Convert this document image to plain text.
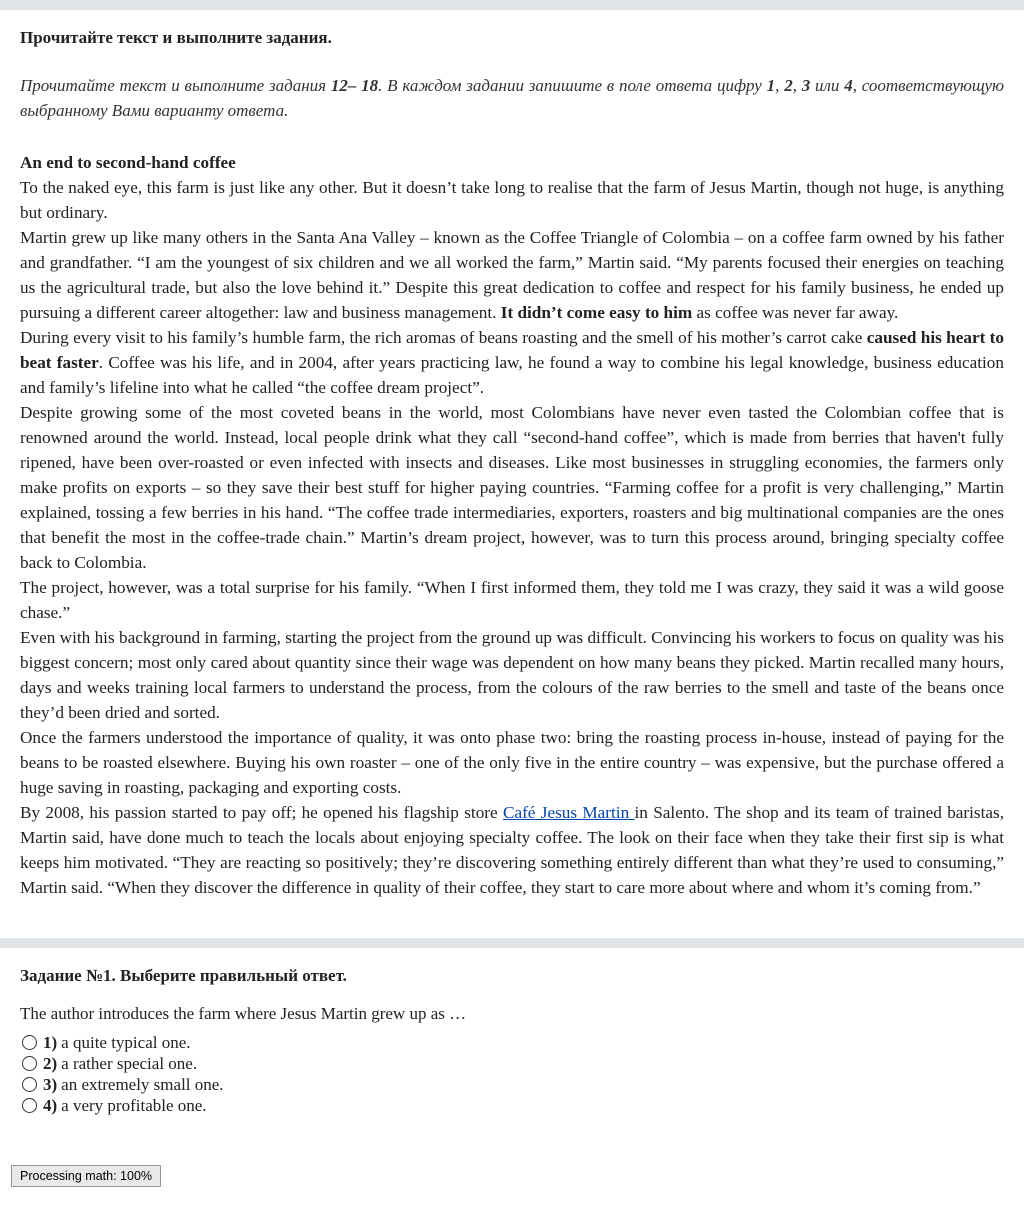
Прочитайте текст и выполните задания.

Прочитайте текст и выполните задания 12– 18. В каждом задании запишите в поле ответа цифру 1, 2, 3 или 4, соответствующую выбранному Вами варианту ответа.

An end to second-hand coffee

To the naked eye, this farm is just like any other. But it doesn’t take long to realise that the farm of Jesus Martin, though not huge, is anything but ordinary.

Martin grew up like many others in the Santa Ana Valley – known as the Coffee Triangle of Colombia – on a coffee farm owned by his father and grandfather. “I am the youngest of six children and we all worked the farm,” Martin said. “My parents focused their energies on teaching us the agricultural trade, but also the love behind it.” Despite this great dedication to coffee and respect for his family business, he ended up pursuing a different career altogether: law and business management. It didn’t come easy to him as coffee was never far away.

During every visit to his family’s humble farm, the rich aromas of beans roasting and the smell of his mother’s carrot cake caused his heart to beat faster. Coffee was his life, and in 2004, after years practicing law, he found a way to combine his legal knowledge, business education and family’s lifeline into what he called “the coffee dream project”.

Despite growing some of the most coveted beans in the world, most Colombians have never even tasted the Colombian coffee that is renowned around the world. Instead, local people drink what they call “second-hand coffee”, which is made from berries that haven't fully ripened, have been over-roasted or even infected with insects and diseases. Like most businesses in struggling economies, the farmers only make profits on exports – so they save their best stuff for higher paying countries. “Farming coffee for a profit is very challenging,” Martin explained, tossing a few berries in his hand. “The coffee trade intermediaries, exporters, roasters and big multinational companies are the ones that benefit the most in the coffee-trade chain.” Martin’s dream project, however, was to turn this process around, bringing specialty coffee back to Colombia.

The project, however, was a total surprise for his family. “When I first informed them, they told me I was crazy, they said it was a wild goose chase.”

Even with his background in farming, starting the project from the ground up was difficult. Convincing his workers to focus on quality was his biggest concern; most only cared about quantity since their wage was dependent on how many beans they picked. Martin recalled many hours, days and weeks training local farmers to understand the process, from the colours of the raw berries to the smell and taste of the beans once they’d been dried and sorted.

Once the farmers understood the importance of quality, it was onto phase two: bring the roasting process in-house, instead of paying for the beans to be roasted elsewhere. Buying his own roaster – one of the only five in the entire country – was expensive, but the purchase offered a huge saving in roasting, packaging and exporting costs.

By 2008, his passion started to pay off; he opened his flagship store Café Jesus Martin in Salento. The shop and its team of trained baristas, Martin said, have done much to teach the locals about enjoying specialty coffee. The look on their face when they take their first sip is what keeps him motivated. “They are reacting so positively; they’re discovering something entirely different than what they’re used to consuming,” Martin said. “When they discover the difference in quality of their coffee, they start to care more about where and whom it’s coming from.”

Задание №1. Выберите правильный ответ.
The author introduces the farm where Jesus Martin grew up as …
1) a quite typical one.
2) a rather special one.
3) an extremely small one.
4) a very profitable one.
Processing math: 100%
